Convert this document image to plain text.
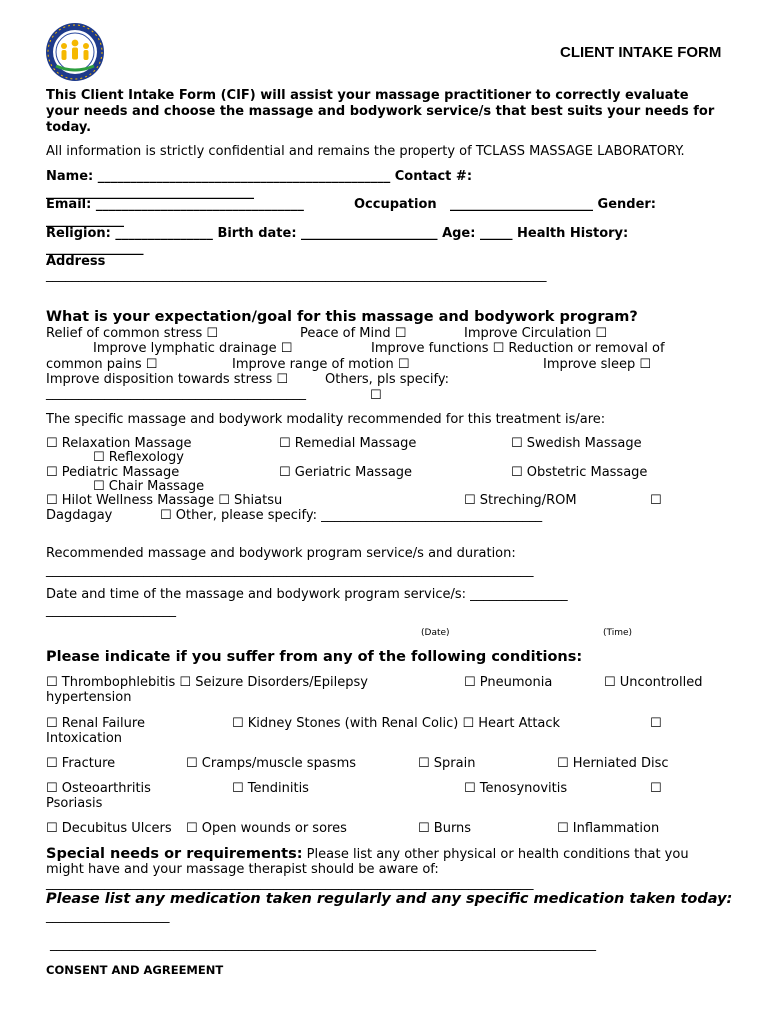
CLIENT INTAKE FORM
This Client Intake Form (CIF) will assist your massage practitioner to correctly evaluate your needs and choose the massage and bodywork service/s that best suits your needs for today.
All information is strictly confidential and remains the property of TCLASS MASSAGE LABORATORY.
Name: _____________________________________________ Contact #:
________________________________
Email: ________________________________	Occupation ______________________ Gender:
____________
Religion: _______________ Birth date: _____________________ Age: _____ Health History:
_______________
Address
_____________________________________________________________________________
What is your expectation/goal for this massage and bodywork program?
Relief of common stress ☐	Peace of Mind ☐	Improve Circulation ☐
Improve lymphatic drainage ☐	Improve functions ☐ Reduction or removal of
common pains ☐	Improve range of motion ☐	Improve sleep ☐
Improve disposition towards stress ☐	Others, pls specify:
________________________________________	☐
The specific massage and bodywork modality recommended for this treatment is/are:
☐ Relaxation Massage	☐ Remedial Massage	☐ Swedish Massage
☐ Reflexology
☐ Pediatric Massage	☐ Geriatric Massage	☐ Obstetric Massage
☐ Chair Massage
☐ Hilot Wellness Massage ☐ Shiatsu	☐ Streching/ROM	☐
Dagdagay	☐ Other, please specify: __________________________________
Recommended massage and bodywork program service/s and duration:
___________________________________________________________________________
Date and time of the massage and bodywork program service/s: _______________
____________________
(Date)	(Time)
Please indicate if you suffer from any of the following conditions:
☐ Thrombophlebitis ☐ Seizure Disorders/Epilepsy	☐ Pneumonia	☐ Uncontrolled
hypertension
☐ Renal Failure	☐ Kidney Stones (with Renal Colic) ☐ Heart Attack	☐
Intoxication
☐ Fracture	☐ Cramps/muscle spasms	☐ Sprain	☐ Herniated Disc
☐ Osteoarthritis	☐ Tendinitis	☐ Tenosynovitis	☐
Psoriasis
☐ Decubitus Ulcers ☐ Open wounds or sores	☐ Burns	☐ Inflammation
Special needs or requirements: Please list any other physical or health conditions that you
might have and your massage therapist should be aware of:
___________________________________________________________________________
Please list any medication taken regularly and any specific medication taken today:
___________________
____________________________________________________________________________________
CONSENT AND AGREEMENT
